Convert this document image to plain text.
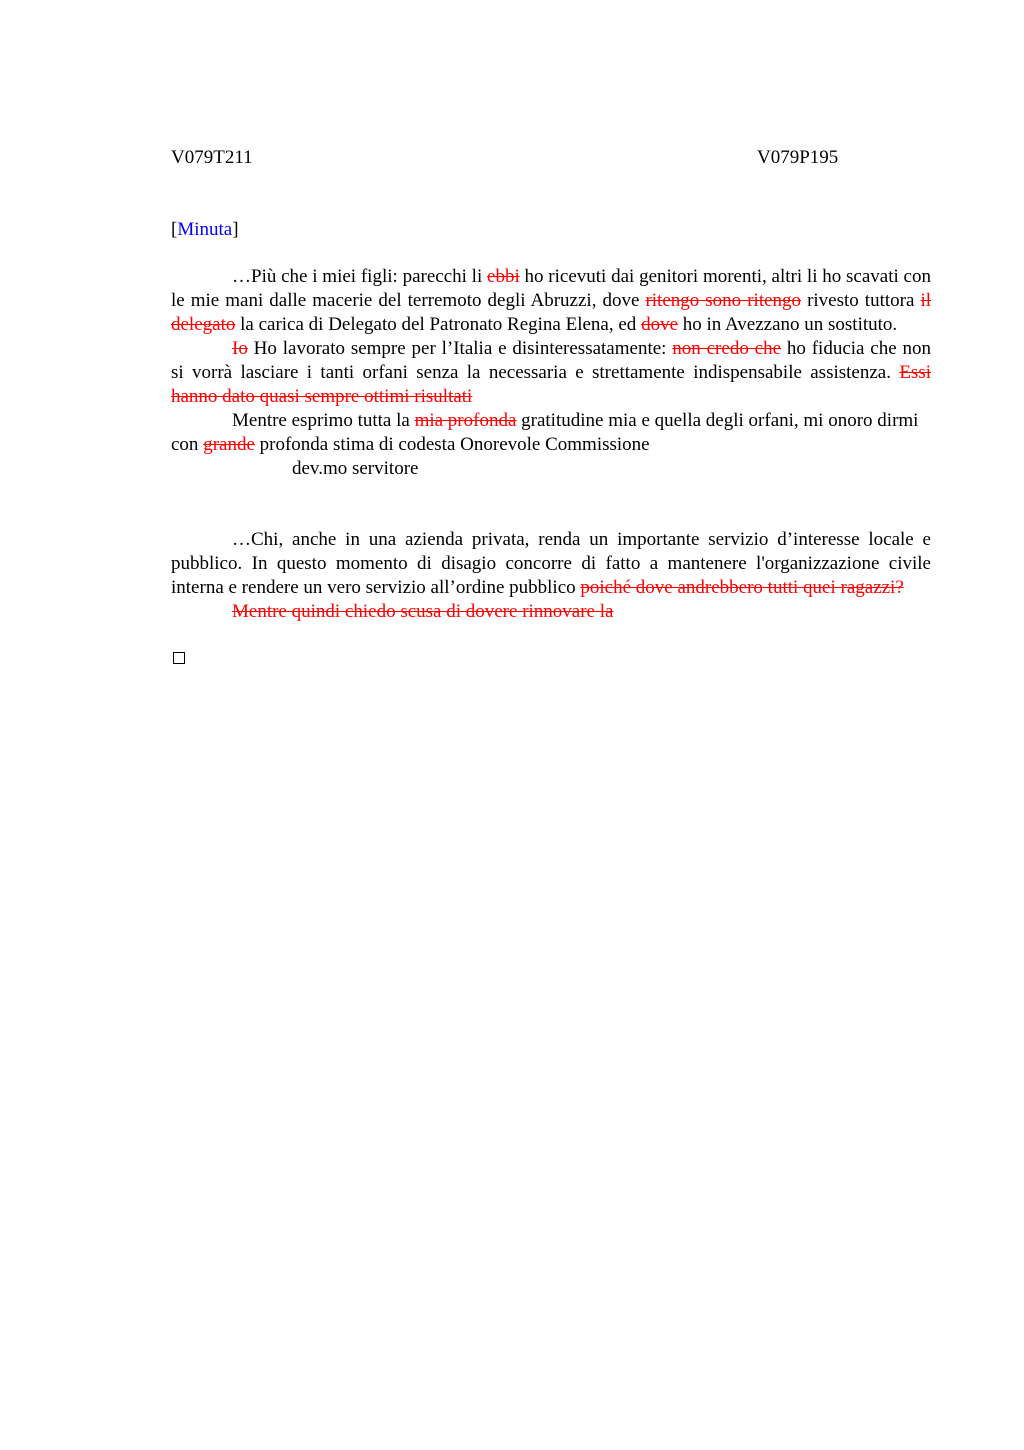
V079T211	V079P195
[Minuta]

…Più che i miei figli: parecchi li ebbi ho ricevuti dai genitori morenti, altri li ho scavati con le mie mani dalle macerie del terremoto degli Abruzzi, dove ritengo sono ritengo rivesto tuttora il delegato la carica di Delegato del Patronato Regina Elena, ed dove ho in Avezzano un sostituto.

Io Ho lavorato sempre per l’Italia e disinteressatamente: non credo che ho fiducia che non si vorrà lasciare i tanti orfani senza la necessaria e strettamente indispensabile assistenza. Essi hanno dato quasi sempre ottimi risultati

Mentre esprimo tutta la mia profonda gratitudine mia e quella degli orfani, mi onoro dirmi con grande profonda stima di codesta Onorevole Commissione

dev.mo servitore

…Chi, anche in una azienda privata, renda un importante servizio d’interesse locale e pubblico. In questo momento di disagio concorre di fatto a mantenere l'organizzazione civile interna e rendere un vero servizio all’ordine pubblico poiché dove andrebbero tutti quei ragazzi?

Mentre quindi chiedo scusa di dovere rinnovare la
